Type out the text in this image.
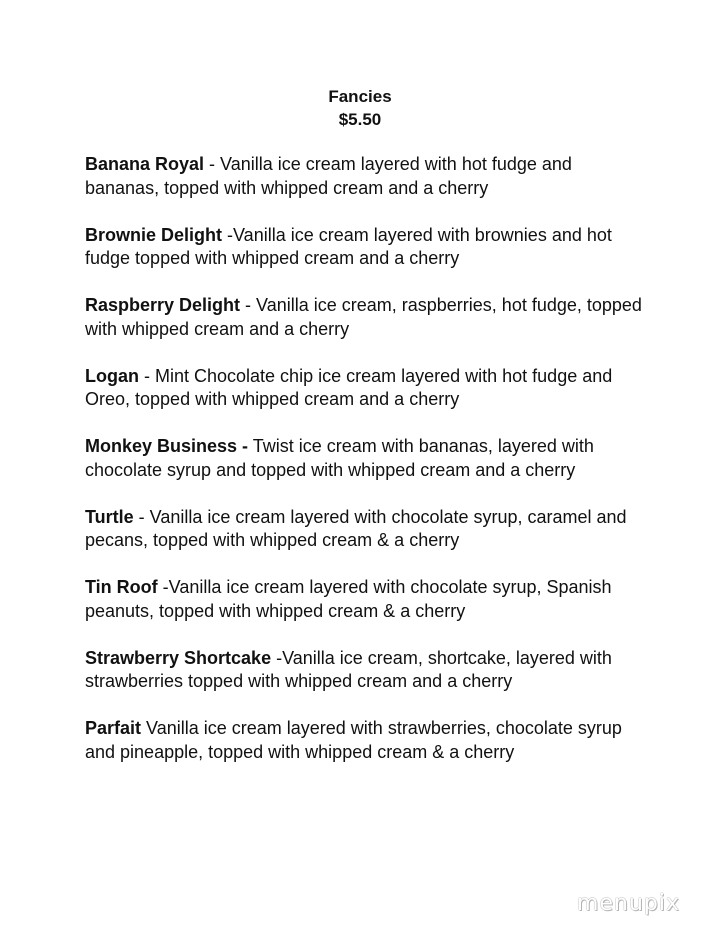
Fancies
$5.50

Banana Royal - Vanilla ice cream layered with hot fudge and bananas, topped with whipped cream and a cherry

Brownie Delight -Vanilla ice cream layered with brownies and hot fudge topped with whipped cream and a cherry

Raspberry Delight - Vanilla ice cream, raspberries, hot fudge, topped with whipped cream and a cherry

Logan - Mint Chocolate chip ice cream layered with hot fudge and Oreo, topped with whipped cream and a cherry

Monkey Business - Twist ice cream with bananas, layered with chocolate syrup and topped with whipped cream and a cherry

Turtle - Vanilla ice cream layered with chocolate syrup, caramel and pecans, topped with whipped cream & a cherry

Tin Roof -Vanilla ice cream layered with chocolate syrup, Spanish peanuts, topped with whipped cream & a cherry

Strawberry Shortcake -Vanilla ice cream, shortcake, layered with strawberries topped with whipped cream and a cherry

Parfait Vanilla ice cream layered with strawberries, chocolate syrup and pineapple, topped with whipped cream & a cherry

menupix
